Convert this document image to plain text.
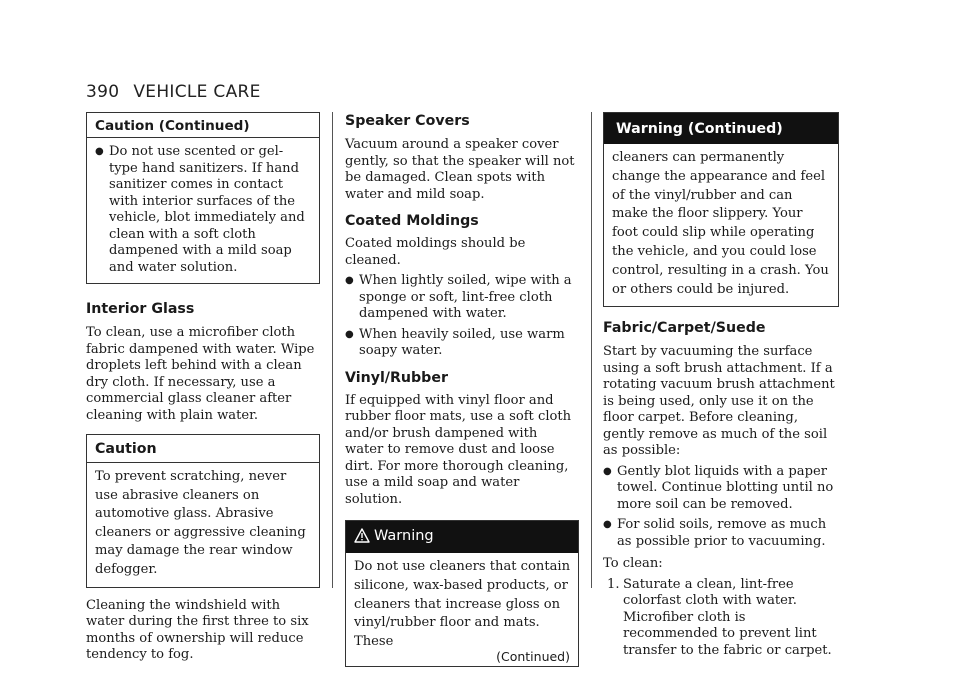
390 VEHICLE CARE
Caution (Continued)
● Do not use scented or gel-type hand sanitizers. If hand sanitizer comes in contact with interior surfaces of the vehicle, blot immediately and clean with a soft cloth dampened with a mild soap and water solution.
Interior Glass

To clean, use a microfiber cloth fabric dampened with water. Wipe droplets left behind with a clean dry cloth. If necessary, use a commercial glass cleaner after cleaning with plain water.

Caution

To prevent scratching, never use abrasive cleaners on automotive glass. Abrasive cleaners or aggressive cleaning may damage the rear window defogger.

Cleaning the windshield with water during the first three to six months of ownership will reduce tendency to fog.

Speaker Covers

Vacuum around a speaker cover gently, so that the speaker will not be damaged. Clean spots with water and mild soap.

Coated Moldings

Coated moldings should be cleaned.

● When lightly soiled, wipe with a sponge or soft, lint-free cloth dampened with water.
● When heavily soiled, use warm soapy water.
Vinyl/Rubber

If equipped with vinyl floor and rubber floor mats, use a soft cloth and/or brush dampened with water to remove dust and loose dirt. For more thorough cleaning, use a mild soap and water solution.

Warning

Do not use cleaners that contain silicone, wax-based products, or cleaners that increase gloss on vinyl/rubber floor and mats. These

(Continued)
Warning (Continued)

cleaners can permanently change the appearance and feel of the vinyl/rubber and can make the floor slippery. Your foot could slip while operating the vehicle, and you could lose control, resulting in a crash. You or others could be injured.

Fabric/Carpet/Suede

Start by vacuuming the surface using a soft brush attachment. If a rotating vacuum brush attachment is being used, only use it on the floor carpet. Before cleaning, gently remove as much of the soil as possible:

● Gently blot liquids with a paper towel. Continue blotting until no more soil can be removed.
● For solid soils, remove as much as possible prior to vacuuming.

To clean:

1. Saturate a clean, lint-free colorfast cloth with water. Microfiber cloth is recommended to prevent lint transfer to the fabric or carpet.
